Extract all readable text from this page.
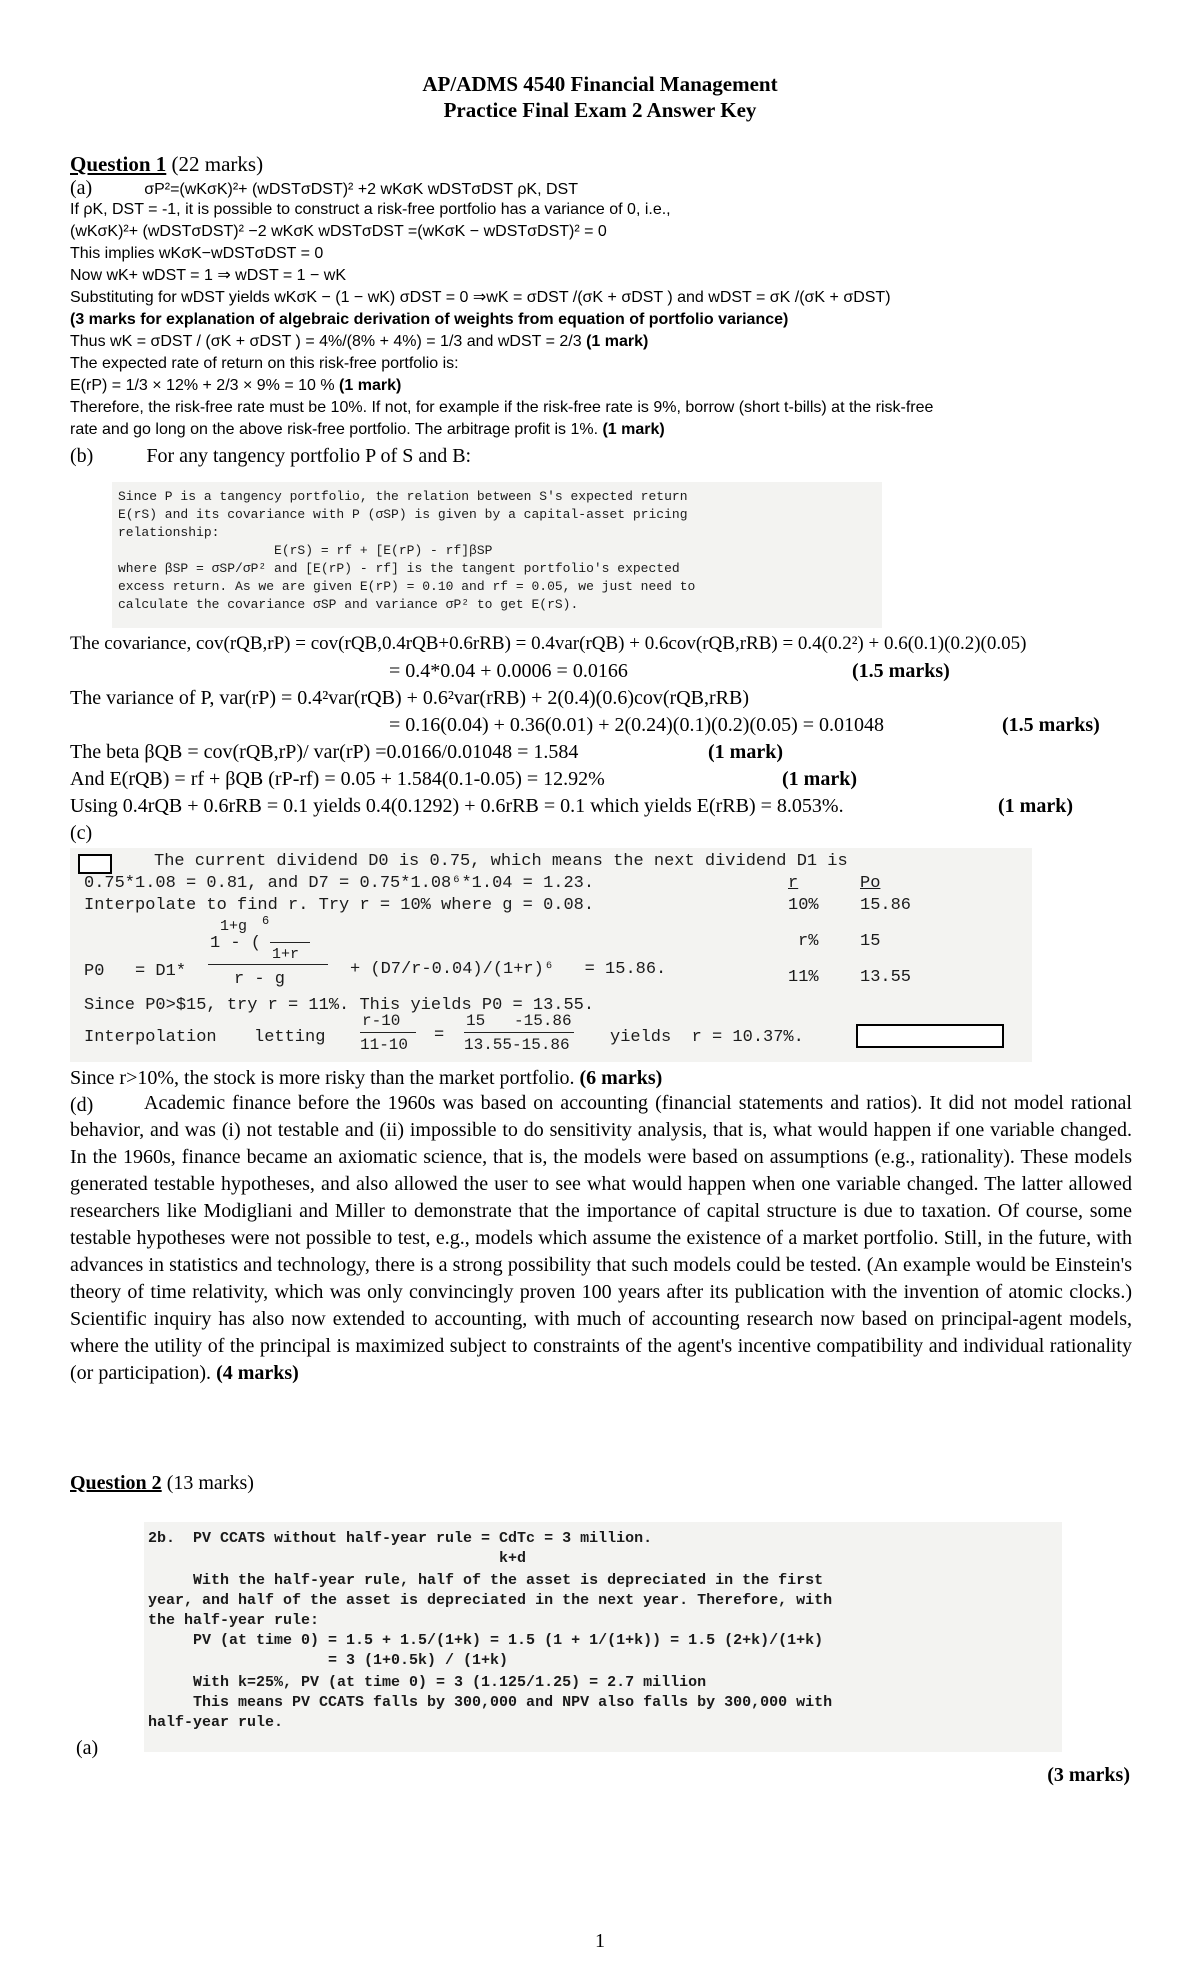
AP/ADMS 4540 Financial Management
Practice Final Exam 2 Answer Key
Question 1 (22 marks)
(a)	σP²=(wKσK)²+ (wDSTσDST)² +2 wKσK wDSTσDST ρK, DST
If ρK, DST = -1, it is possible to construct a risk-free portfolio has a variance of 0, i.e.,
(wKσK)²+ (wDSTσDST)² −2 wKσK wDSTσDST =(wKσK − wDSTσDST)² = 0
This implies wKσK−wDSTσDST = 0
Now wK+ wDST = 1 ⇒ wDST = 1 − wK
Substituting for wDST yields wKσK − (1 − wK) σDST = 0 ⇒wK = σDST /(σK + σDST ) and wDST = σK /(σK + σDST)
(3 marks for explanation of algebraic derivation of weights from equation of portfolio variance)
Thus wK = σDST / (σK + σDST ) = 4%/(8% + 4%) = 1/3 and wDST = 2/3 (1 mark)
The expected rate of return on this risk-free portfolio is:
E(rP) = 1/3 × 12% + 2/3 × 9% = 10 % (1 mark)
Therefore, the risk-free rate must be 10%. If not, for example if the risk-free rate is 9%, borrow (short t-bills) at the risk-free
rate and go long on the above risk-free portfolio. The arbitrage profit is 1%. (1 mark)
(b)	For any tangency portfolio P of S and B:
Since P is a tangency portfolio, the relation between S's expected return
E(rS) and its covariance with P (σSP) is given by a capital-asset pricing
relationship:
E(rS) = rf + [E(rP) - rf]βSP
where βSP = σSP/σP² and [E(rP) - rf] is the tangent portfolio's expected
excess return. As we are given E(rP) = 0.10 and rf = 0.05, we just need to
calculate the covariance σSP and variance σP² to get E(rS).
The covariance, cov(rQB,rP) = cov(rQB,0.4rQB+0.6rRB) = 0.4var(rQB) + 0.6cov(rQB,rRB) = 0.4(0.2²) + 0.6(0.1)(0.2)(0.05)
= 0.4*0.04 + 0.0006 = 0.0166	(1.5 marks)
The variance of P, var(rP) = 0.4²var(rQB) + 0.6²var(rRB) + 2(0.4)(0.6)cov(rQB,rRB)
= 0.16(0.04) + 0.36(0.01) + 2(0.24)(0.1)(0.2)(0.05) = 0.01048	(1.5 marks)
The beta βQB = cov(rQB,rP)/ var(rP) =0.0166/0.01048 = 1.584	(1 mark)
And E(rQB) = rf + βQB (rP-rf) = 0.05 + 1.584(0.1-0.05) = 12.92%	(1 mark)
Using 0.4rQB + 0.6rRB = 0.1 yields 0.4(0.1292) + 0.6rRB = 0.1 which yields E(rRB) = 8.053%.	(1 mark)
(c)
The current dividend D0 is 0.75, which means the next dividend D1 is
0.75*1.08 = 0.81, and D7 = 0.75*1.08⁶*1.04 = 1.23.
Interpolate to find r. Try r = 10% where g = 0.08.
r	Po
10% 15.86
r% 15
11% 13.55
1+g 6
1 - (
1+r
P0   = D1*	r - g
+ (D7/r-0.04)/(1+r)⁶   = 15.86.
Since P0>$15, try r = 11%. This yields P0 = 13.55.
Interpolation letting
r-10
11-10 =
15   -15.86
13.55-15.86 yields  r = 10.37%.
Since r>10%, the stock is more risky than the market portfolio. (6 marks)
(d)	Academic finance before the 1960s was based on accounting (financial statements and ratios). It did not model rational behavior, and was (i) not testable and (ii) impossible to do sensitivity analysis, that is, what would happen if one variable changed. In the 1960s, finance became an axiomatic science, that is, the models were based on assumptions (e.g., rationality). These models generated testable hypotheses, and also allowed the user to see what would happen when one variable changed. The latter allowed researchers like Modigliani and Miller to demonstrate that the importance of capital structure is due to taxation. Of course, some testable hypotheses were not possible to test, e.g., models which assume the existence of a market portfolio. Still, in the future, with advances in statistics and technology, there is a strong possibility that such models could be tested. (An example would be Einstein's theory of time relativity, which was only convincingly proven 100 years after its publication with the invention of atomic clocks.) Scientific inquiry has also now extended to accounting, with much of accounting research now based on principal-agent models, where the utility of the principal is maximized subject to constraints of the agent's incentive compatibility and individual rationality (or participation). (4 marks)
Question 2 (13 marks)
2b.  PV CCATS without half-year rule = CdTc = 3 million.
k+d
With the half-year rule, half of the asset is depreciated in the first
year, and half of the asset is depreciated in the next year. Therefore, with
the half-year rule:
PV (at time 0) = 1.5 + 1.5/(1+k) = 1.5 (1 + 1/(1+k)) = 1.5 (2+k)/(1+k)
= 3 (1+0.5k) / (1+k)
With k=25%, PV (at time 0) = 3 (1.125/1.25) = 2.7 million
This means PV CCATS falls by 300,000 and NPV also falls by 300,000 with
half-year rule.
(a)
(3 marks)
1
